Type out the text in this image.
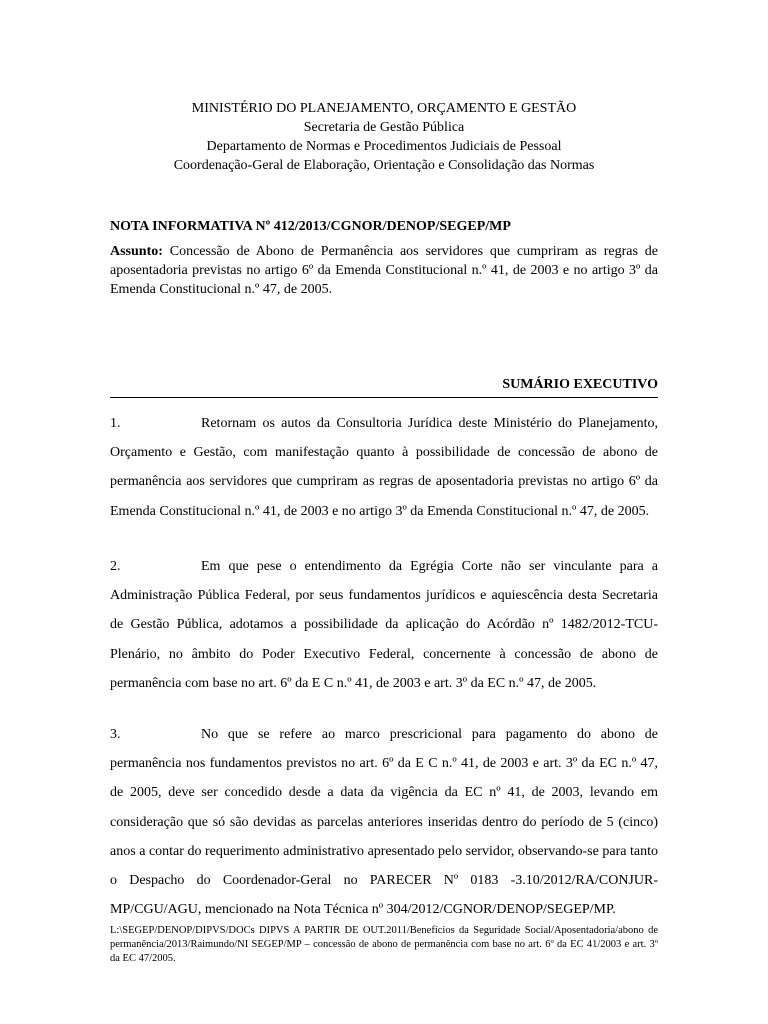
MINISTÉRIO DO PLANEJAMENTO, ORÇAMENTO E GESTÃO
Secretaria de Gestão Pública
Departamento de Normas e Procedimentos Judiciais de Pessoal
Coordenação-Geral de Elaboração, Orientação e Consolidação das Normas
NOTA INFORMATIVA Nº 412/2013/CGNOR/DENOP/SEGEP/MP
Assunto: Concessão de Abono de Permanência aos servidores que cumpriram as regras de aposentadoria previstas no artigo 6º da Emenda Constitucional n.º 41, de 2003 e no artigo 3º da Emenda Constitucional n.º 47, de 2005.
SUMÁRIO EXECUTIVO
1.	Retornam os autos da Consultoria Jurídica deste Ministério do Planejamento, Orçamento e Gestão, com manifestação quanto à possibilidade de concessão de abono de permanência aos servidores que cumpriram as regras de aposentadoria previstas no artigo 6º da Emenda Constitucional n.º 41, de 2003 e no artigo 3º da Emenda Constitucional n.º 47, de 2005.
2.	Em que pese o entendimento da Egrégia Corte não ser vinculante para a Administração Pública Federal, por seus fundamentos jurídicos e aquiescência desta Secretaria de Gestão Pública, adotamos a possibilidade da aplicação do Acórdão nº 1482/2012-TCU-Plenário, no âmbito do Poder Executivo Federal, concernente à concessão de abono de permanência com base no art. 6º da E C n.º 41, de 2003 e art. 3º da EC n.º 47, de 2005.
3.	No que se refere ao marco prescricional para pagamento do abono de permanência nos fundamentos previstos no art. 6º da E C n.º 41, de 2003 e art. 3º da EC n.º 47, de 2005, deve ser concedido desde a data da vigência da EC nº 41, de 2003, levando em consideração que só são devidas as parcelas anteriores inseridas dentro do período de 5 (cinco) anos a contar do requerimento administrativo apresentado pelo servidor, observando-se para tanto o Despacho do Coordenador-Geral no PARECER Nº 0183 -3.10/2012/RA/CONJUR-MP/CGU/AGU, mencionado na Nota Técnica nº 304/2012/CGNOR/DENOP/SEGEP/MP.
L:\SEGEP/DENOP/DIPVS/DOCs DIPVS A PARTIR DE OUT.2011/Benefícios da Seguridade Social/Aposentadoria/abono de permanência/2013/Raimundo/NI SEGEP/MP – concessão de abono de permanência com base no art. 6º da EC 41/2003 e art. 3º da EC 47/2005.
